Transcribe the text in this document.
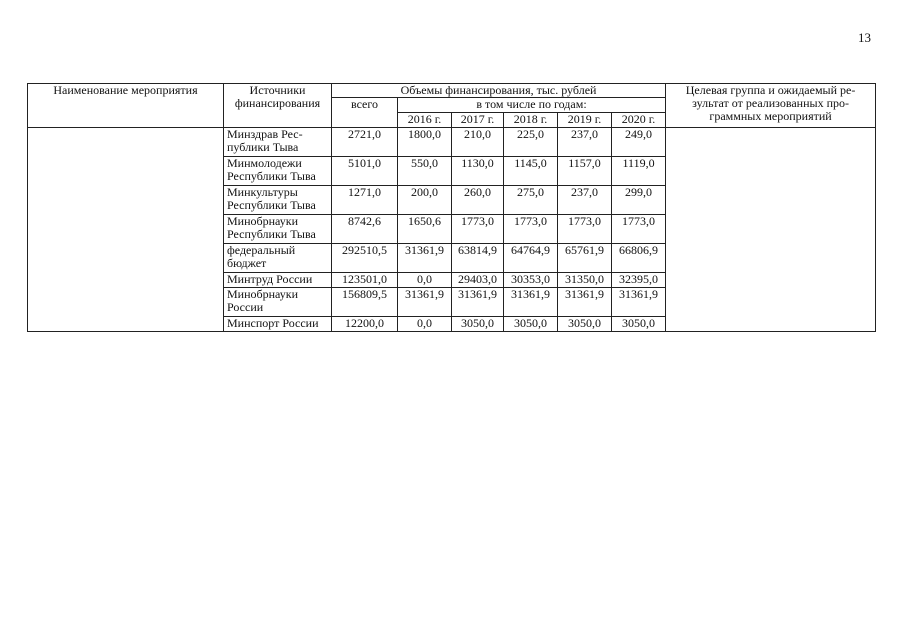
13
Наименование мероприятия	Источники финансирования	Объемы финансирования, тыс. рублей						Целевая группа и ожидаемый ре-зультат от реализованных про-граммных мероприятий
		всего	в том числе по годам:					
			2016 г.	2017 г.	2018 г.	2019 г.	2020 г.	
	Минздрав Рес-публики Тыва	2721,0	1800,0	210,0	225,0	237,0	249,0	
	Минмолодежи Республики Тыва	5101,0	550,0	1130,0	1145,0	1157,0	1119,0	
	Минкультуры Республики Тыва	1271,0	200,0	260,0	275,0	237,0	299,0	
	Минобрнауки Республики Тыва	8742,6	1650,6	1773,0	1773,0	1773,0	1773,0	
	федеральный бюджет	292510,5	31361,9	63814,9	64764,9	65761,9	66806,9	
	Минтруд России	123501,0	0,0	29403,0	30353,0	31350,0	32395,0	
	Минобрнауки России	156809,5	31361,9	31361,9	31361,9	31361,9	31361,9	
	Минспорт России	12200,0	0,0	3050,0	3050,0	3050,0	3050,0	
